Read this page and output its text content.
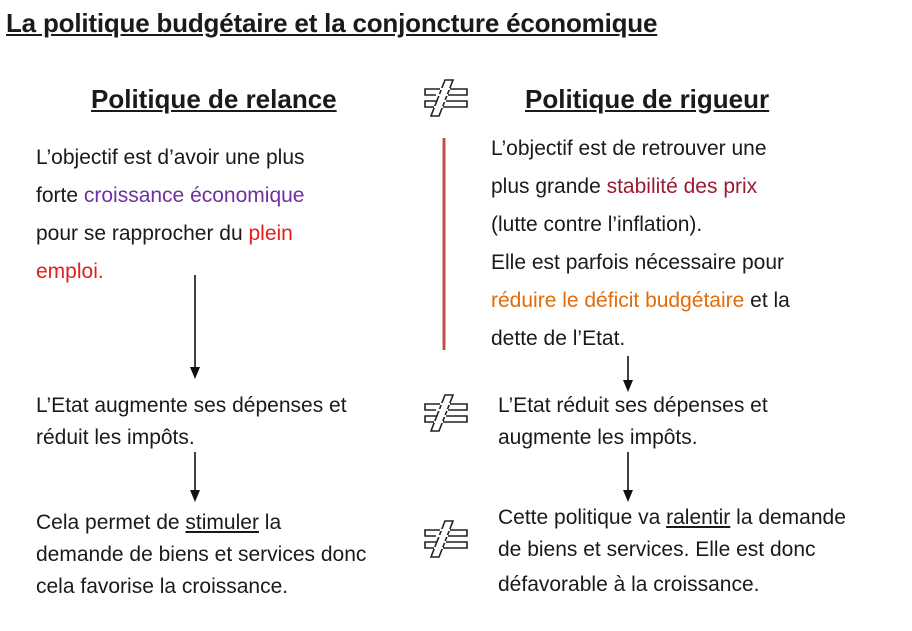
La politique budgétaire et la conjoncture économique
Politique de relance	Politique de rigueur
L’objectif est d’avoir une plus
forte croissance économique
pour se rapprocher du plein
emploi.
L’objectif est de retrouver une
plus grande stabilité des prix
(lutte contre l’inflation).
Elle est parfois nécessaire pour
réduire le déficit budgétaire et la
dette de l’Etat.
L’Etat augmente ses dépenses et
réduit les impôts.
L’Etat réduit ses dépenses et
augmente les impôts.
Cela permet de stimuler la
demande de biens et services donc
cela favorise la croissance.
Cette politique va ralentir la demande
de biens et services. Elle est donc
défavorable à la croissance.
